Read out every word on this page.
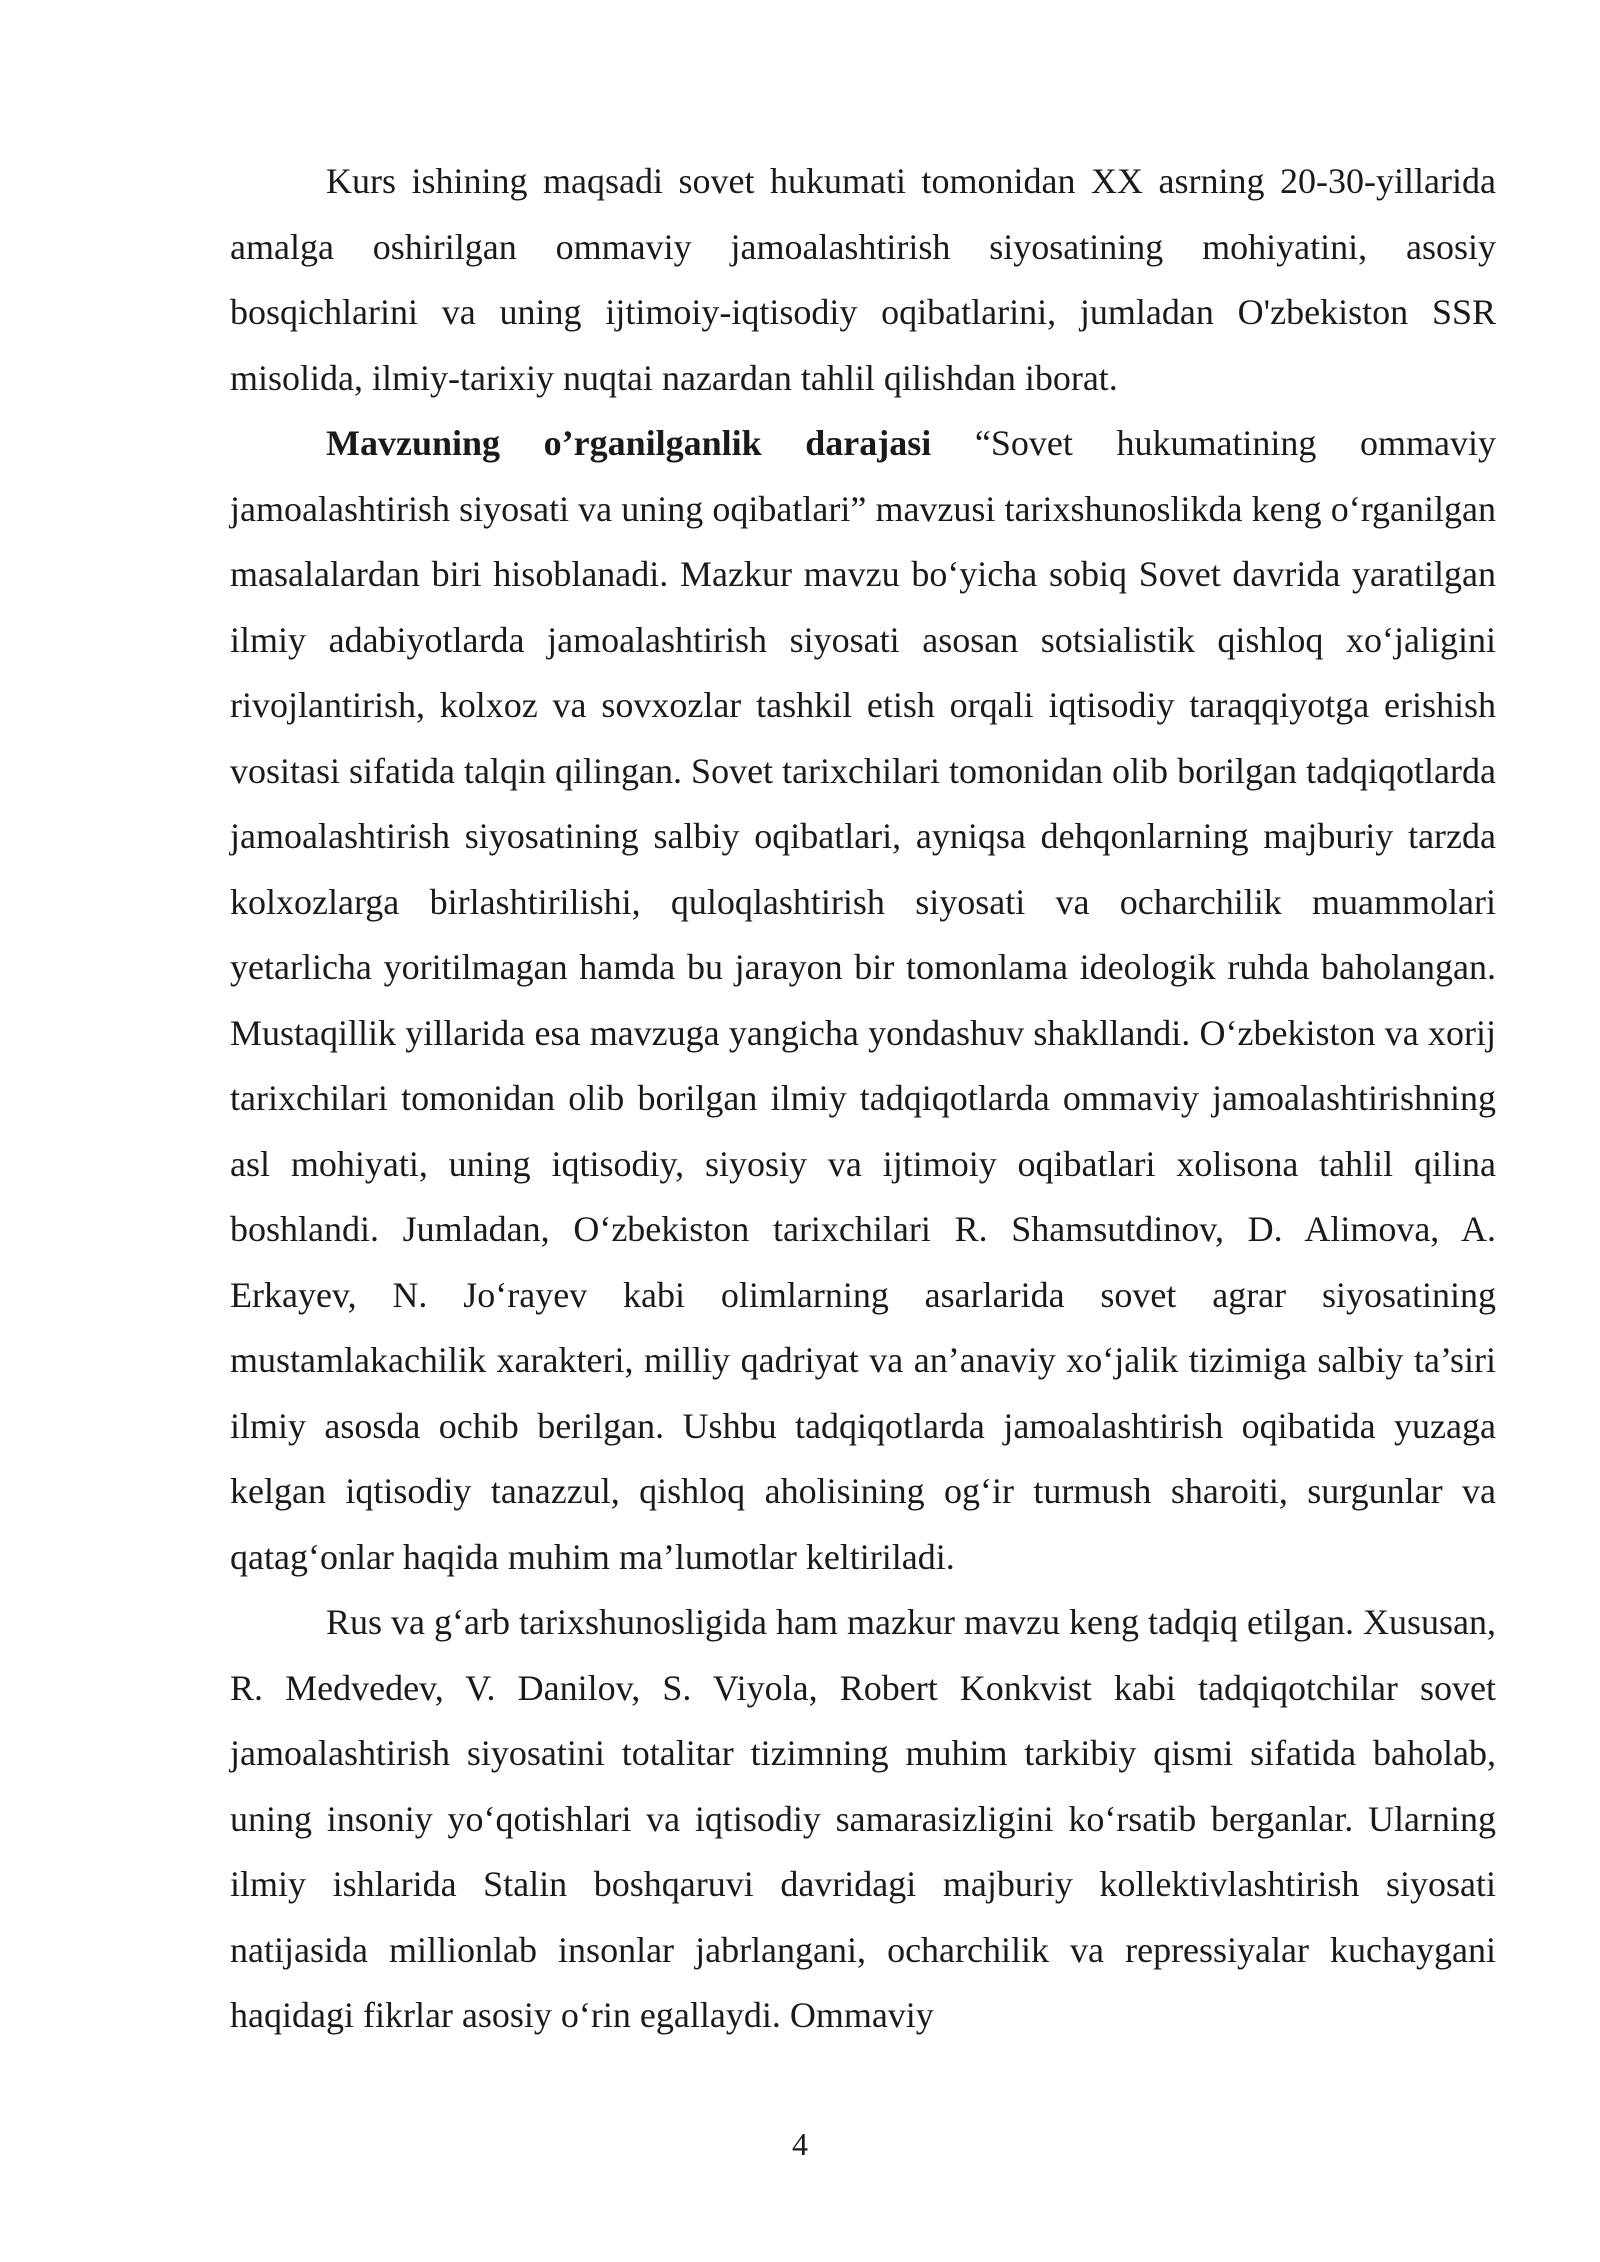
Kurs ishining maqsadi sovet hukumati tomonidan XX asrning 20-30-yillarida amalga oshirilgan ommaviy jamoalashtirish siyosatining mohiyatini, asosiy bosqichlarini va uning ijtimoiy-iqtisodiy oqibatlarini, jumladan O'zbekiston SSR misolida, ilmiy-tarixiy nuqtai nazardan tahlil qilishdan iborat.

Mavzuning o’rganilganlik darajasi “Sovet hukumatining ommaviy jamoalashtirish siyosati va uning oqibatlari” mavzusi tarixshunoslikda keng o‘rganilgan masalalardan biri hisoblanadi. Mazkur mavzu bo‘yicha sobiq Sovet davrida yaratilgan ilmiy adabiyotlarda jamoalashtirish siyosati asosan sotsialistik qishloq xo‘jaligini rivojlantirish, kolxoz va sovxozlar tashkil etish orqali iqtisodiy taraqqiyotga erishish vositasi sifatida talqin qilingan. Sovet tarixchilari tomonidan olib borilgan tadqiqotlarda jamoalashtirish siyosatining salbiy oqibatlari, ayniqsa dehqonlarning majburiy tarzda kolxozlarga birlashtirilishi, quloqlashtirish siyosati va ocharchilik muammolari yetarlicha yoritilmagan hamda bu jarayon bir tomonlama ideologik ruhda baholangan. Mustaqillik yillarida esa mavzuga yangicha yondashuv shakllandi. O‘zbekiston va xorij tarixchilari tomonidan olib borilgan ilmiy tadqiqotlarda ommaviy jamoalashtirishning asl mohiyati, uning iqtisodiy, siyosiy va ijtimoiy oqibatlari xolisona tahlil qilina boshlandi. Jumladan, O‘zbekiston tarixchilari R. Shamsutdinov, D. Alimova, A. Erkayev, N. Jo‘rayev kabi olimlarning asarlarida sovet agrar siyosatining mustamlakachilik xarakteri, milliy qadriyat va an’anaviy xo‘jalik tizimiga salbiy ta’siri ilmiy asosda ochib berilgan. Ushbu tadqiqotlarda jamoalashtirish oqibatida yuzaga kelgan iqtisodiy tanazzul, qishloq aholisining og‘ir turmush sharoiti, surgunlar va qatag‘onlar haqida muhim ma’lumotlar keltiriladi.

Rus va g‘arb tarixshunosligida ham mazkur mavzu keng tadqiq etilgan. Xususan, R. Medvedev, V. Danilov, S. Viyola, Robert Konkvist kabi tadqiqotchilar sovet jamoalashtirish siyosatini totalitar tizimning muhim tarkibiy qismi sifatida baholab, uning insoniy yo‘qotishlari va iqtisodiy samarasizligini ko‘rsatib berganlar. Ularning ilmiy ishlarida Stalin boshqaruvi davridagi majburiy kollektivlashtirish siyosati natijasida millionlab insonlar jabrlangani, ocharchilik va repressiyalar kuchaygani haqidagi fikrlar asosiy o‘rin egallaydi. Ommaviy

4
